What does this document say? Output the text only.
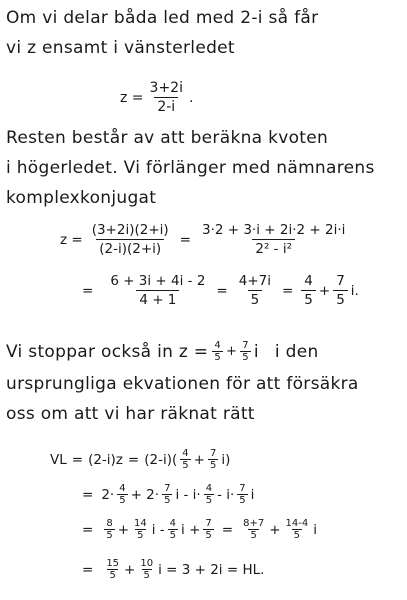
Om vi delar båda led med 2-i så får
vi z ensamt i vänsterledet
$z = \frac{3+2i}{2-i}$ .
Resten består av att beräkna kvoten
i högerledet. Vi förlänger med nämnarens
komplexkonjugat
$z = \frac{(3+2i)(2+i)}{(2-i)(2+i)} = \frac{3\cdot 2 + 3\cdot i + 2i\cdot 2 + 2i\cdot i}{\text{2² - i²}}$
= $\frac{6 + 3i + 4i - 2}{4 + 1} = \frac{4+7i}{5} = \frac{4}{5} + \frac{7}{5} i$.
Vi stoppar också in $z = \frac{4}{5} + \frac{7}{5}$ i i den
ursprungliga ekvationen för att försäkra
oss om att vi har räknat rätt
VL = $(2-i)z = (2-i)( \frac{4}{5} + \frac{7}{5} i)$
= $2\cdot \frac{4}{5} + 2\cdot \frac{7}{5}$ $i - i\cdot \frac{4}{5} - i\cdot \frac{7}{5}$ i
= $\frac{8}{5} + \frac{14}{5}$ i - $\frac{4}{5}$ $i + \frac{7}{5} = \frac{8+7}{5} + \frac{14-4}{5}$ i
= $\frac{15}{5} + \frac{10}{5}$ i = 3 + 2i = HL.
